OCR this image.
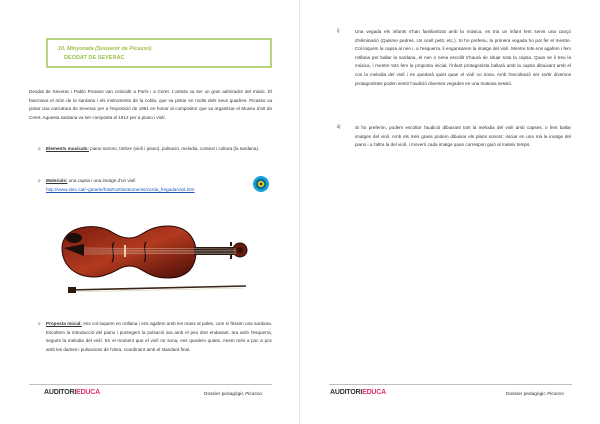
10. Minyonata (Souvenir de Picasso)
DEODAT DE SEVERAC
Deodat de Severac i Pablo Picasso van coincidir a París i a Ceret. L'artista va ser un gran admirador del músic. El fascinava el món de la sardana i els instruments de la cobla, que va pintar en molts dels seus quadres. Picasso va pintar una caricatura de Severac per a l'exposició de 1951 en honor al compositor que va organitzar el Museu d'art de Ceret. Aquesta sardana va ser composta el 1912 per a piano i violí.
o Elements musicals: piano sonoro, timbre (violí i piano), pulsació, melodia, context i cultura (la sardana).
o Materials: una capsa i una imatge d'un violí
http://www.xtec.cat/~gutarte/fotal%20instruments/corda_fregada/violi.htm
o Proposta inicial: ens col·loquem en rotllana i ens agafem amb les mans al pales, com si féssim una sardana. Escoltem la introducció del piano i puntegem la pulsació ara amb el peu dret endavant, ara amb l'esquerra, seguint la melodia del violí. En el moment que el violí no sona, ens quedem quiets. Anem més a poc a poc amb les dames i pulsacions de l'obra, coordinant amb el standard final.
AUDITORIEDUCA	Dossier pedagògic Picasso
i)	Una vegada els infants s'han familiaritzat amb la música, es tria un infant fent servir una cançó d'eliminació (Quisme pedres. Un ocell petit, etc.). Si ho preferiu, la primera vegada ho pot fer el mestre. Col·loquem la capsa al nen i, a l'esquerra, li engansarem la imatge del violí. Mentre tots ens agafem i fem rotllana per ballar la sardana, el nen o nena escollit s'haurà de situar sota la capsa. Quan se li treu la música, i mentre tots fem la proposta inicial, l'infant protagonista ballarà amb la capsa dibuixant amb el cos la melodia del violí i es quedarà quiet quan el violí no sona. Amb l'escoltació ser sortir diversos protagonistes poden sentir l'audició diverses vegades en una mateixa sessió.
ii)	Si ho preferim, podem escoltar l'audició dibuixant tots la melodia del violí amb capses, o fent ballar imatges del violí. Amb els més grans podem dibuixar els plans sonors: iniciar en una mà la imatge del piano i a l'altra la del violí, i moveró cada imatge quan correspon guió al mateix temps.
AUDITORIEDUCA	Dossier pedagògic Picasso
